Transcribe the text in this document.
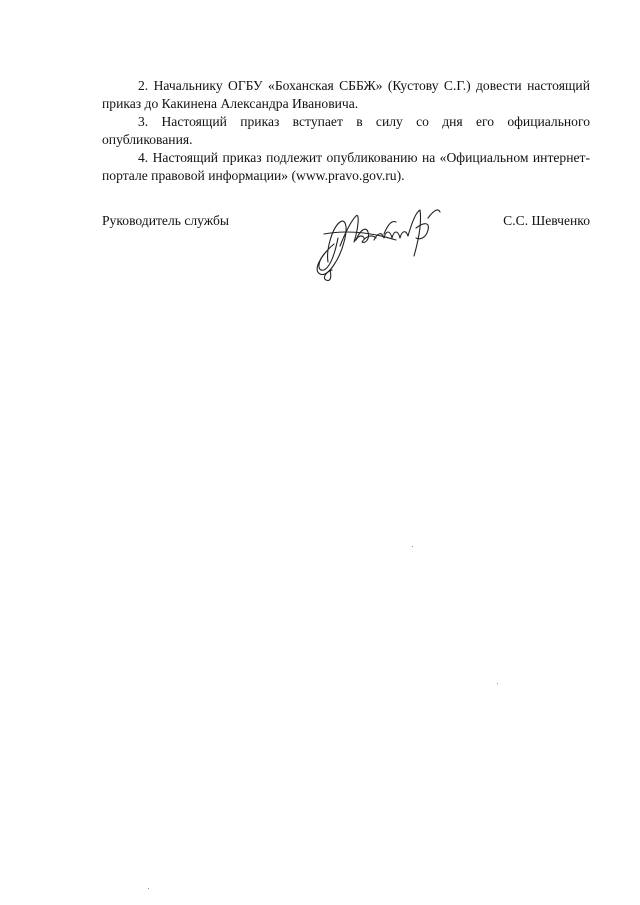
2. Начальнику ОГБУ «Боханская СББЖ» (Кустову С.Г.) довести настоящий приказ до Какинена Александра Ивановича.

3. Настоящий приказ вступает в силу со дня его официального опубликования.

4. Настоящий приказ подлежит опубликованию на «Официальном интернет-портале правовой информации» (www.pravo.gov.ru).

Руководитель службы	С.С. Шевченко
